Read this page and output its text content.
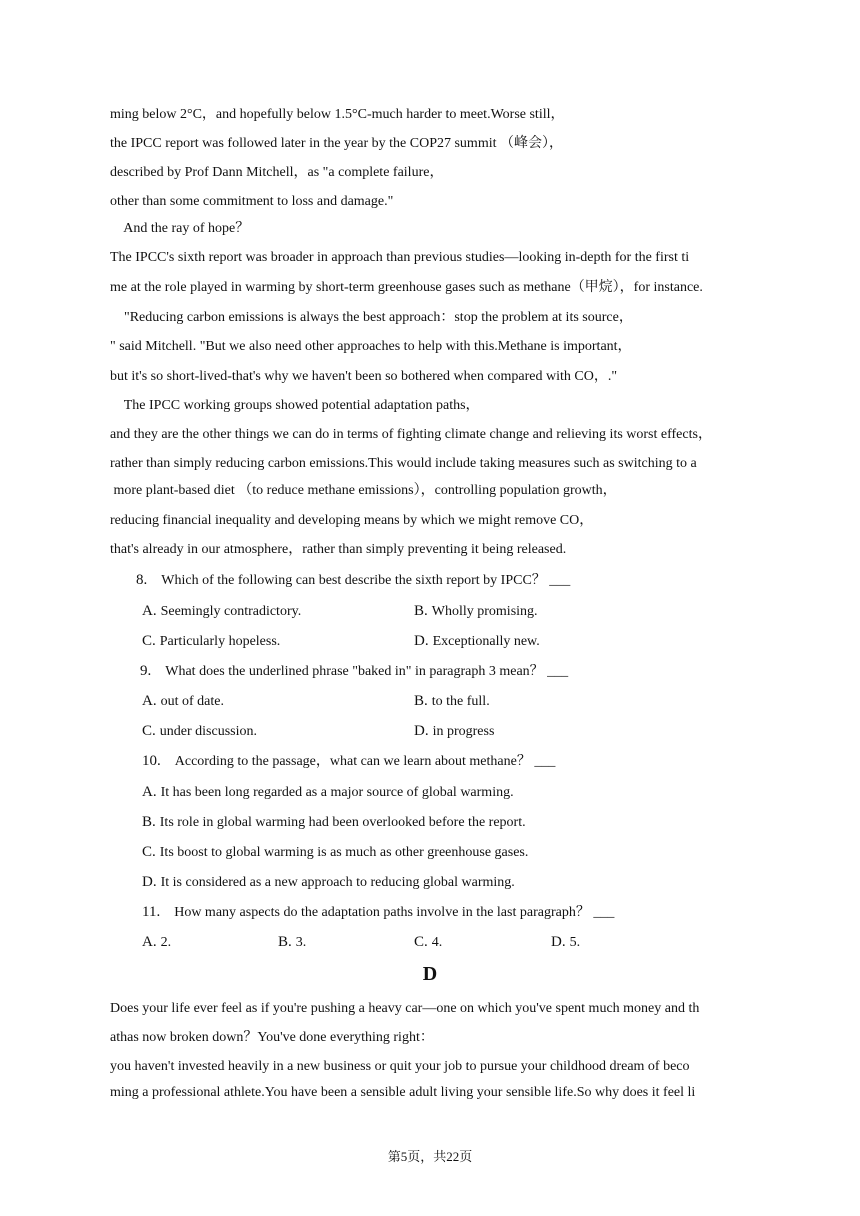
ming below 2°C，and hopefully below 1.5°C-much harder to meet.Worse still，
the IPCC report was followed later in the year by the COP27 summit （峰会），
described by Prof Dann Mitchell，as "a complete failure，
other than some commitment to loss and damage."
And the ray of hope？
The IPCC's sixth report was broader in approach than previous studies—looking in-depth for the first ti
me at the role played in warming by short-term greenhouse gases such as methane（甲烷），for instance.
"Reducing carbon emissions is always the best approach：stop the problem at its source，
" said Mitchell. "But we also need other approaches to help with this.Methane is important，
but it's so short-lived-that's why we haven't been so bothered when compared with CO，."
The IPCC working groups showed potential adaptation paths，
and they are the other things we can do in terms of fighting climate change and relieving its worst effects，
rather than simply reducing carbon emissions.This would include taking measures such as switching to a
more plant-based diet （to reduce methane emissions），controlling population growth，
reducing financial inequality and developing means by which we might remove CO，
that's already in our atmosphere，rather than simply preventing it being released.
8. Which of the following can best describe the sixth report by IPCC？ ___
A. Seemingly contradictory.	B. Wholly promising.
C. Particularly hopeless.	D. Exceptionally new.
9. What does the underlined phrase "baked in" in paragraph 3 mean？ ___
A. out of date.	B. to the full.
C. under discussion.	D. in progress
10. According to the passage，what can we learn about methane？ ___
A. It has been long regarded as a major source of global warming.
B. Its role in global warming had been overlooked before the report.
C. Its boost to global warming is as much as other greenhouse gases.
D. It is considered as a new approach to reducing global warming.
11. How many aspects do the adaptation paths involve in the last paragraph？ ___
A. 2.	B. 3.	C. 4.	D. 5.
D
Does your life ever feel as if you're pushing a heavy car—one on which you've spent much money and th
athas now broken down？You've done everything right：
you haven't invested heavily in a new business or quit your job to pursue your childhood dream of beco
ming a professional athlete.You have been a sensible adult living your sensible life.So why does it feel li
第5页，共22页
